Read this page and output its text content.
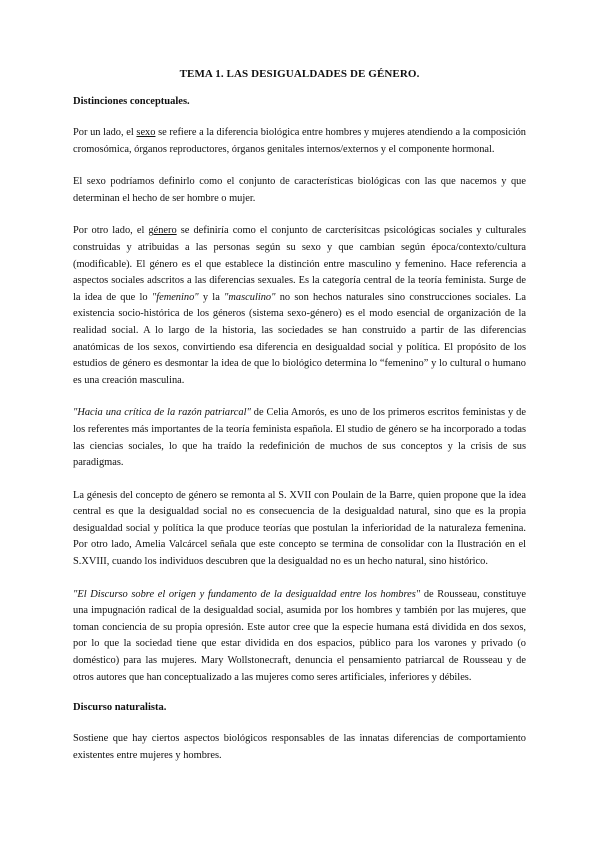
TEMA 1. LAS DESIGUALDADES DE GÉNERO.
Distinciones conceptuales.

Por un lado, el sexo se refiere a la diferencia biológica entre hombres y mujeres atendiendo a la composición cromosómica, órganos reproductores, órganos genitales internos/externos y el componente hormonal.

El sexo podríamos definirlo como el conjunto de características biológicas con las que nacemos y que determinan el hecho de ser hombre o mujer.

Por otro lado, el género se definiría como el conjunto de carcterísitcas psicológicas sociales y culturales construidas y atribuidas a las personas según su sexo y que cambian según época/contexto/cultura (modificable). El género es el que establece la distinción entre masculino y femenino. Hace referencia a aspectos sociales adscritos a las diferencias sexuales. Es la categoría central de la teoría feminista. Surge de la idea de que lo "femenino" y la "masculino" no son hechos naturales sino construcciones sociales. La existencia socio-histórica de los géneros (sistema sexo-género) es el modo esencial de organización de la realidad social. A lo largo de la historia, las sociedades se han construido a partir de las diferencias anatómicas de los sexos, convirtiendo esa diferencia en desigualdad social y política. El propósito de los estudios de género es desmontar la idea de que lo biológico determina lo “femenino” y lo cultural o humano es una creación masculina.

"Hacia una crítica de la razón patriarcal" de Celia Amorós, es uno de los primeros escritos feministas y de los referentes más importantes de la teoría feminista española. El studio de género se ha incorporado a todas las ciencias sociales, lo que ha traído la redefinición de muchos de sus conceptos y la crisis de sus paradigmas.

La génesis del concepto de género se remonta al S. XVII con Poulain de la Barre, quien propone que la idea central es que la desigualdad social no es consecuencia de la desigualdad natural, sino que es la propia desigualdad social y política la que produce teorías que postulan la inferioridad de la naturaleza femenina. Por otro lado, Amelia Valcárcel señala que este concepto se termina de consolidar con la Ilustración en el S.XVIII, cuando los individuos descubren que la desigualdad no es un hecho natural, sino histórico.

"El Discurso sobre el origen y fundamento de la desigualdad entre los hombres" de Rousseau, constituye una impugnación radical de la desigualdad social, asumida por los hombres y también por las mujeres, que toman conciencia de su propia opresión. Este autor cree que la especie humana está dividida en dos sexos, por lo que la sociedad tiene que estar dividida en dos espacios, público para los varones y privado (o doméstico) para las mujeres. Mary Wollstonecraft, denuncia el pensamiento patriarcal de Rousseau y de otros autores que han conceptualizado a las mujeres como seres artificiales, inferiores y débiles.

Discurso naturalista.

Sostiene que hay ciertos aspectos biológicos responsables de las innatas diferencias de comportamiento existentes entre mujeres y hombres.
